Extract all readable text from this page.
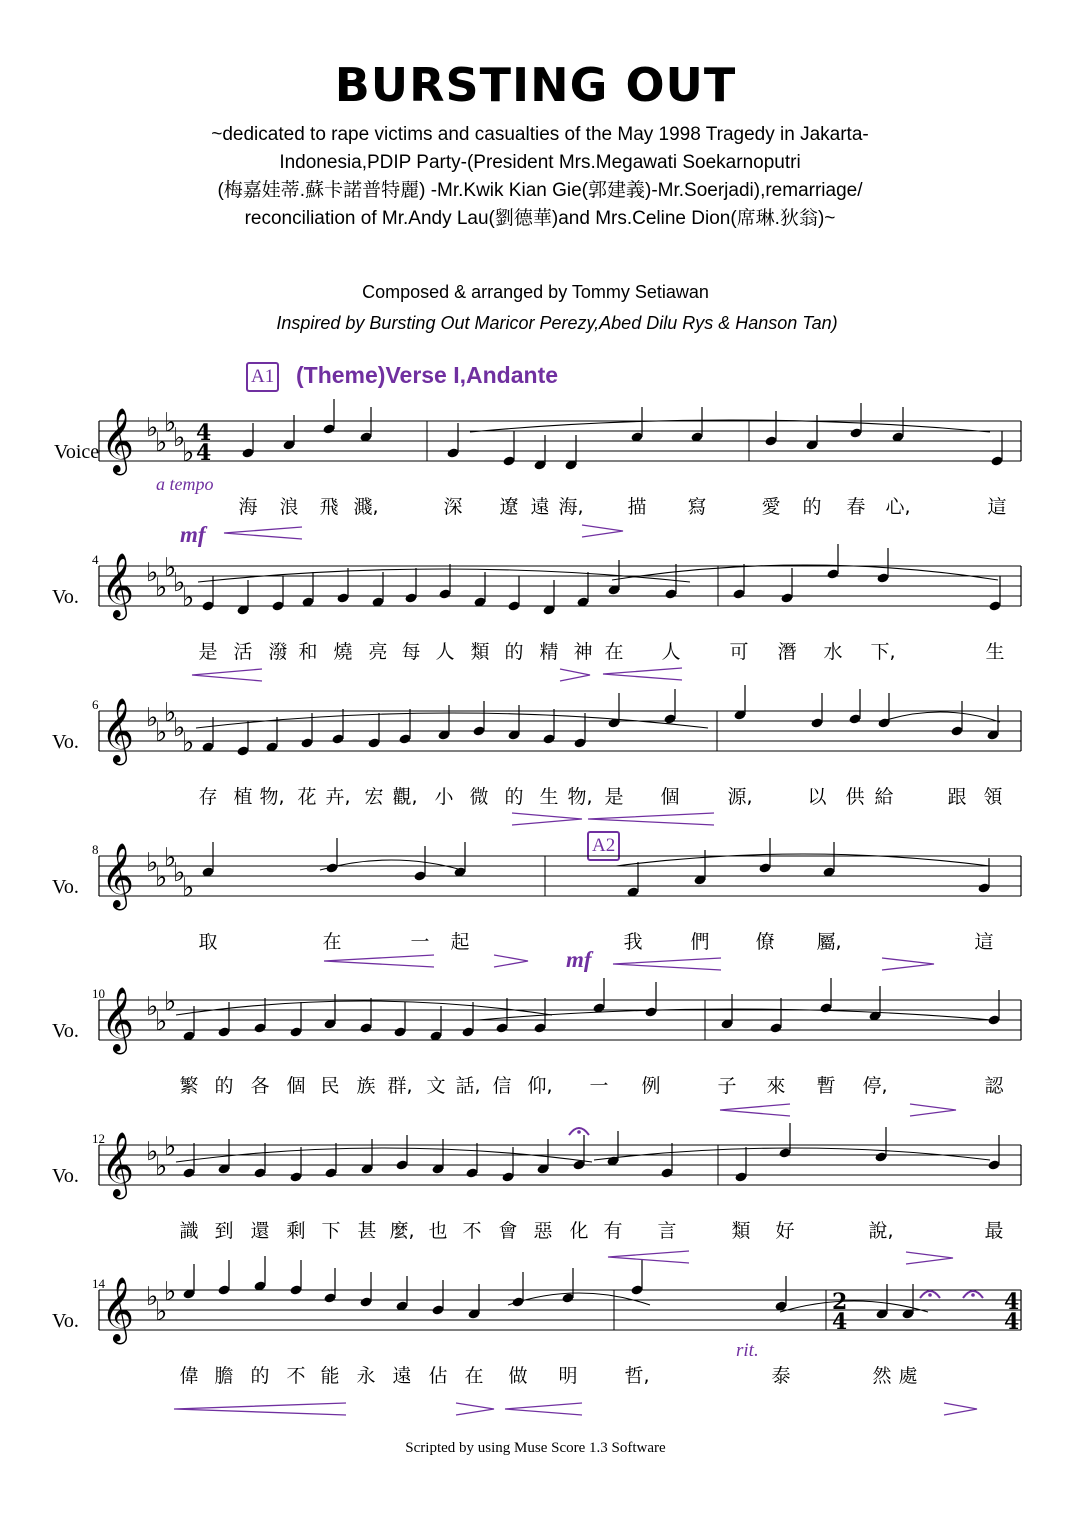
BURSTING OUT
~dedicated to rape victims and casualties of the May 1998 Tragedy in Jakarta-
Indonesia,PDIP Party-(President Mrs.Megawati Soekarnoputri
(梅嘉娃蒂.蘇卡諾普特麗) -Mr.Kwik Kian Gie(郭建義)-Mr.Soerjadi),remarriage/
reconciliation of Mr.Andy Lau(劉德華)and Mrs.Celine Dion(席琳.狄翁)~
Composed & arranged by Tommy Setiawan
Inspired by Bursting Out Maricor Perezy,Abed Dilu Rys & Hanson Tan)
A1 (Theme)Verse I,Andante
A2
a tempo
mf
mf
rit.
Voice
海 浪 飛 濺,	深 遼 遠 海, 描 寫	愛 的 春 心,	這
Vo.
4
是 活 潑 和 燒 亮 每 人 類 的 精 神 在 人	可 潛 水 下,	生
Vo.
6
存 植 物, 花 卉, 宏 觀, 小 微 的 生 物, 是 個	源,	以 供 給	跟 領
Vo.
8
取	在	一 起	我	們 僚 屬,	這
Vo.
10
繁 的 各 個 民 族 群, 文 話, 信 仰, 一 例	子 來 暫 停,	認
Vo.
12
識 到 還 剩 下 甚 麼, 也 不 會 惡 化 有 言	類 好	說,	最
Vo.
14
偉 膽 的 不 能 永 遠 佔 在 做 明 哲,	泰	然 處
𝄞 ♭
♭
♭
♭
♭
𝄞 ♭
♭
♭
♭
♭
𝄞 ♭
♭
♭
♭
♭
𝄞 ♭
♭
♭
♭
♭
𝄞 ♭
♭
♭
𝄞 ♭
♭
♭
𝄞 ♭
♭
♭
4
4
2
4
4
4
Scripted by using Muse Score 1.3 Software
